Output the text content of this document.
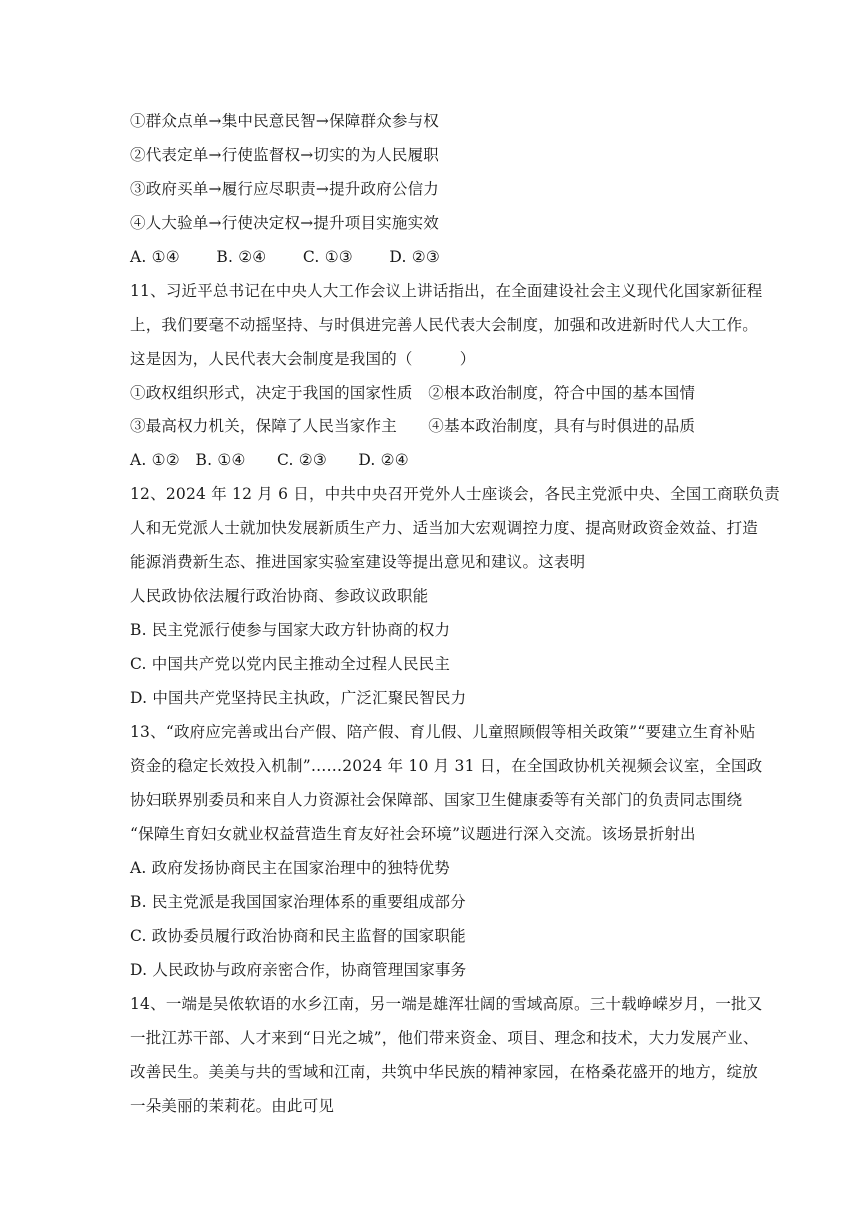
①群众点单→集中民意民智→保障群众参与权
②代表定单→行使监督权→切实的为人民履职
③政府买单→履行应尽职责→提升政府公信力
④人大验单→行使决定权→提升项目实施实效
A. ①④　　 B. ②④　　 C. ①③　　 D. ②③
11、习近平总书记在中央人大工作会议上讲话指出，在全面建设社会主义现代化国家新征程
上，我们要毫不动摇坚持、与时俱进完善人民代表大会制度，加强和改进新时代人大工作。
这是因为，人民代表大会制度是我国的（　　　）
①政权组织形式，决定于我国的国家性质　②根本政治制度，符合中国的基本国情
③最高权力机关，保障了人民当家作主　　④基本政治制度，具有与时俱进的品质
A. ①②　B. ①④　　C. ②③　　D. ②④
12、2024 年 12 月 6 日，中共中央召开党外人士座谈会，各民主党派中央、全国工商联负责
人和无党派人士就加快发展新质生产力、适当加大宏观调控力度、提高财政资金效益、打造
能源消费新生态、推进国家实验室建设等提出意见和建议。这表明
人民政协依法履行政治协商、参政议政职能
B. 民主党派行使参与国家大政方针协商的权力
C. 中国共产党以党内民主推动全过程人民民主
D. 中国共产党坚持民主执政，广泛汇聚民智民力
13、“政府应完善或出台产假、陪产假、育儿假、儿童照顾假等相关政策”“要建立生育补贴
资金的稳定长效投入机制”……2024 年 10 月 31 日，在全国政协机关视频会议室，全国政
协妇联界别委员和来自人力资源社会保障部、国家卫生健康委等有关部门的负责同志围绕
“保障生育妇女就业权益营造生育友好社会环境”议题进行深入交流。该场景折射出
A. 政府发扬协商民主在国家治理中的独特优势
B. 民主党派是我国国家治理体系的重要组成部分
C. 政协委员履行政治协商和民主监督的国家职能
D. 人民政协与政府亲密合作，协商管理国家事务
14、一端是吴侬软语的水乡江南，另一端是雄浑壮阔的雪域高原。三十载峥嵘岁月，一批又
一批江苏干部、人才来到“日光之城”，他们带来资金、项目、理念和技术，大力发展产业、
改善民生。美美与共的雪域和江南，共筑中华民族的精神家园，在格桑花盛开的地方，绽放
一朵美丽的茉莉花。由此可见
